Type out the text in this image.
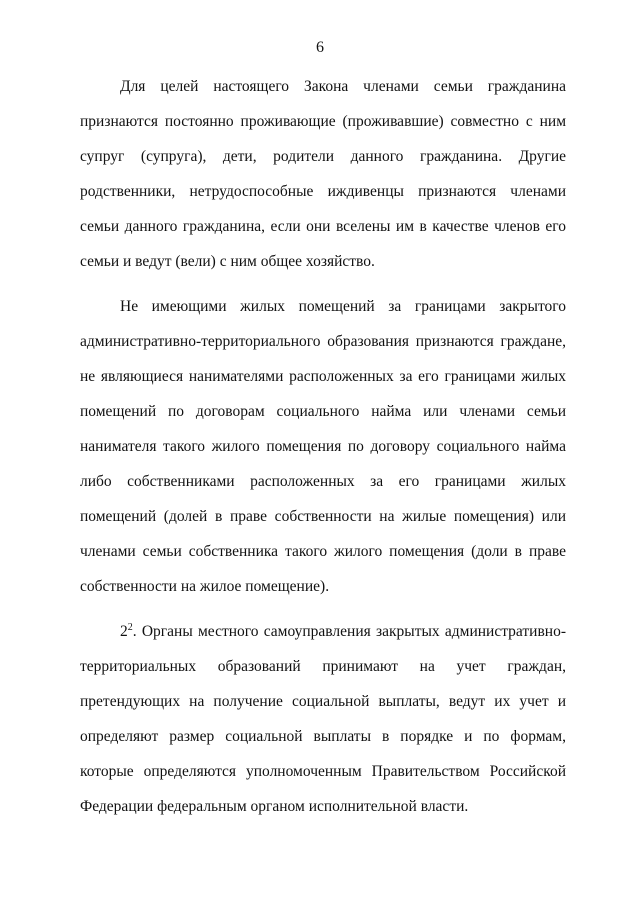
6

Для целей настоящего Закона членами семьи гражданина признаются постоянно проживающие (проживавшие) совместно с ним супруг (супруга), дети, родители данного гражданина. Другие родственники, нетрудоспособные иждивенцы признаются членами семьи данного гражданина, если они вселены им в качестве членов его семьи и ведут (вели) с ним общее хозяйство.

Не имеющими жилых помещений за границами закрытого административно-территориального образования признаются граждане, не являющиеся нанимателями расположенных за его границами жилых помещений по договорам социального найма или членами семьи нанимателя такого жилого помещения по договору социального найма либо собственниками расположенных за его границами жилых помещений (долей в праве собственности на жилые помещения) или членами семьи собственника такого жилого помещения (доли в праве собственности на жилое помещение).

$2^2$. Органы местного самоуправления закрытых административно-территориальных образований принимают на учет граждан, претендующих на получение социальной выплаты, ведут их учет и определяют размер социальной выплаты в порядке и по формам, которые определяются уполномоченным Правительством Российской Федерации федеральным органом исполнительной власти.
